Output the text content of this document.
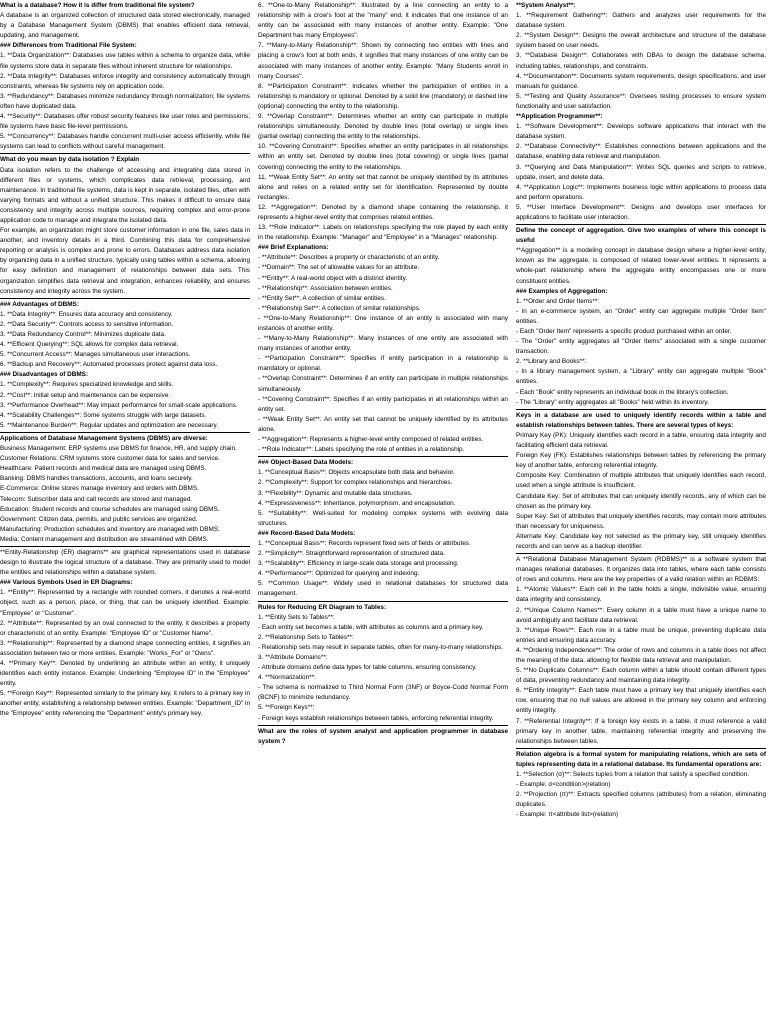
What is a database? How it is differ from traditional file system?

A database is an organized collection of structured data stored electronically, managed by a Database Management System (DBMS) that enables efficient data retrieval, updating, and management.

### Differences from Traditional File System:

1. **Data Organization**: Databases use tables within a schema to organize data, while file systems store data in separate files without inherent structure for relationships.

2. **Data Integrity**: Databases enforce integrity and consistency automatically through constraints, whereas file systems rely on application code.

3. **Redundancy**: Databases minimize redundancy through normalization; file systems often have duplicated data.

4. **Security**: Databases offer robust security features like user roles and permissions; file systems have basic file-level permissions.

5. **Concurrency**: Databases handle concurrent multi-user access efficiently, while file systems can lead to conflicts without careful management.

What do you mean by data isolation ? Explain

Data isolation refers to the challenge of accessing and integrating data stored in different files or systems, which complicates data retrieval, processing, and maintenance. In traditional file systems, data is kept in separate, isolated files, often with varying formats and without a unified structure. This makes it difficult to ensure data consistency and integrity across multiple sources, requiring complex and error-prone application code to manage and integrate the isolated data.

For example, an organization might store customer information in one file, sales data in another, and inventory details in a third. Combining this data for comprehensive reporting or analysis is complex and prone to errors. Databases address data isolation by organizing data in a unified structure, typically using tables within a schema, allowing for easy definition and management of relationships between data sets. This organization simplifies data retrieval and integration, enhances reliability, and ensures consistency and integrity across the system.

### Advantages of DBMS:

1. **Data Integrity**: Ensures data accuracy and consistency.

2. **Data Security**: Controls access to sensitive information.

3. **Data Redundancy Control**: Minimizes duplicate data.

4. **Efficient Querying**: SQL allows for complex data retrieval.

5. **Concurrent Access**: Manages simultaneous user interactions.

6. **Backup and Recovery**: Automated processes protect against data loss.

### Disadvantages of DBMS:

1. **Complexity**: Requires specialized knowledge and skills.

2. **Cost**: Initial setup and maintenance can be expensive.

3. **Performance Overhead**: May impact performance for small-scale applications.

4. **Scalability Challenges**: Some systems struggle with large datasets.

5. **Maintenance Burden**: Regular updates and optimization are necessary.

Applications of Database Management Systems (DBMS) are diverse:

Business Management: ERP systems use DBMS for finance, HR, and supply chain.

Customer Relations: CRM systems store customer data for sales and service.

Healthcare: Patient records and medical data are managed using DBMS.

Banking: DBMS handles transactions, accounts, and loans securely.

E-Commerce: Online stores manage inventory and orders with DBMS.

Telecom: Subscriber data and call records are stored and managed.

Education: Student records and course schedules are managed using DBMS.

Government: Citizen data, permits, and public services are organized.

Manufacturing: Production schedules and inventory are managed with DBMS.

Media: Content management and distribution are streamlined with DBMS.

**Entity-Relationship (ER) diagrams** are graphical representations used in database design to illustrate the logical structure of a database. They are primarily used to model the entities and relationships within a database system.

### Various Symbols Used in ER Diagrams:

1. **Entity**: Represented by a rectangle with rounded corners, it denotes a real-world object, such as a person, place, or thing, that can be uniquely identified. Example: "Employee" or "Customer".

2. **Attribute**: Represented by an oval connected to the entity, it describes a property or characteristic of an entity. Example: "Employee ID" or "Customer Name".

3. **Relationship**: Represented by a diamond shape connecting entities, it signifies an association between two or more entities. Example: "Works_For" or "Owns".

4. **Primary Key**: Denoted by underlining an attribute within an entity, it uniquely identifies each entity instance. Example: Underlining "Employee ID" in the "Employee" entity.

5. **Foreign Key**: Represented similarly to the primary key, it refers to a primary key in another entity, establishing a relationship between entities. Example: "Department_ID" in the "Employee" entity referencing the "Department" entity's primary key.

6. **One-to-Many Relationship**: Illustrated by a line connecting an entity to a relationship with a crow's foot at the "many" end, it indicates that one instance of an entity can be associated with many instances of another entity. Example: "One Department has many Employees".

7. **Many-to-Many Relationship**: Shown by connecting two entities with lines and placing a crow's foot at both ends, it signifies that many instances of one entity can be associated with many instances of another entity. Example: "Many Students enroll in many Courses".

8. **Participation Constraint**: Indicates whether the participation of entities in a relationship is mandatory or optional. Denoted by a solid line (mandatory) or dashed line (optional) connecting the entity to the relationship.

9. **Overlap Constraint**: Determines whether an entity can participate in multiple relationships simultaneously. Denoted by double lines (total overlap) or single lines (partial overlap) connecting the entity to the relationships.

10. **Covering Constraint**: Specifies whether an entity participates in all relationships within an entity set. Denoted by double lines (total covering) or single lines (partial covering) connecting the entity to the relationships.

11. **Weak Entity Set**: An entity set that cannot be uniquely identified by its attributes alone and relies on a related entity set for identification. Represented by double rectangles.

12. **Aggregation**: Denoted by a diamond shape containing the relationship, it represents a higher-level entity that comprises related entities.

13. **Role Indicator**: Labels on relationships specifying the role played by each entity in the relationship. Example: "Manager" and "Employee" in a "Manages" relationship.

### Brief Explanations:

- **Attribute**: Describes a property or characteristic of an entity.

- **Domain**: The set of allowable values for an attribute.

- **Entity**: A real-world object with a distinct identity.

- **Relationship**: Association between entities.

- **Entity Set**: A collection of similar entities.

- **Relationship Set**: A collection of similar relationships.

- **One-to-Many Relationship**: One instance of an entity is associated with many instances of another entity.

- **Many-to-Many Relationship**: Many instances of one entity are associated with many instances of another entity.

- **Participation Constraint**: Specifies if entity participation in a relationship is mandatory or optional.

- **Overlap Constraint**: Determines if an entity can participate in multiple relationships simultaneously.

- **Covering Constraint**: Specifies if an entity participates in all relationships within an entity set.

- **Weak Entity Set**: An entity set that cannot be uniquely identified by its attributes alone.

- **Aggregation**: Represents a higher-level entity composed of related entities.

- **Role Indicator**: Labels specifying the role of entities in a relationship.

### Object-Based Data Models:

1. **Conceptual Basis**: Objects encapsulate both data and behavior.

2. **Complexity**: Support for complex relationships and hierarchies.

3. **Flexibility**: Dynamic and mutable data structures.

4. **Expressiveness**: Inheritance, polymorphism, and encapsulation.

5. **Suitability**: Well-suited for modeling complex systems with evolving data structures.

### Record-Based Data Models:

1. **Conceptual Basis**: Records represent fixed sets of fields or attributes.

2. **Simplicity**: Straightforward representation of structured data.

3. **Scalability**: Efficiency in large-scale data storage and processing.

4. **Performance**: Optimized for querying and indexing.

5. **Common Usage**: Widely used in relational databases for structured data management.

Rules for Reducing ER Diagram to Tables:

1. **Entity Sets to Tables**:

- Each entity set becomes a table, with attributes as columns and a primary key.

2. **Relationship Sets to Tables**:

- Relationship sets may result in separate tables, often for many-to-many relationships.

3. **Attribute Domains**:

- Attribute domains define data types for table columns, ensuring consistency.

4. **Normalization**:

- The schema is normalized to Third Normal Form (3NF) or Boyce-Codd Normal Form (BCNF) to minimize redundancy.

5. **Foreign Keys**:

- Foreign keys establish relationships between tables, enforcing referential integrity.

What are the roles of system analyst and application programmer in database system ?

**System Analyst**:

1. **Requirement Gathering**: Gathers and analyzes user requirements for the database system.

2. **System Design**: Designs the overall architecture and structure of the database system based on user needs.

3. **Database Design**: Collaborates with DBAs to design the database schema, including tables, relationships, and constraints.

4. **Documentation**: Documents system requirements, design specifications, and user manuals for guidance.

5. **Testing and Quality Assurance**: Oversees testing processes to ensure system functionality and user satisfaction.

**Application Programmer**:

1. **Software Development**: Develops software applications that interact with the database system.

2. **Database Connectivity**: Establishes connections between applications and the database, enabling data retrieval and manipulation.

3. **Querying and Data Manipulation**: Writes SQL queries and scripts to retrieve, update, insert, and delete data.

4. **Application Logic**: Implements business logic within applications to process data and perform operations.

5. **User Interface Development**: Designs and develops user interfaces for applications to facilitate user interaction.

Define the concept of aggregation. Give two examples of where this concept is useful

**Aggregation** is a modeling concept in database design where a higher-level entity, known as the aggregate, is composed of related lower-level entities. It represents a whole-part relationship where the aggregate entity encompasses one or more constituent entities.

### Examples of Aggregation:

1. **Order and Order Items**:

- In an e-commerce system, an "Order" entity can aggregate multiple "Order Item" entities.

- Each "Order Item" represents a specific product purchased within an order.

- The "Order" entity aggregates all "Order Items" associated with a single customer transaction.

2. **Library and Books**:

- In a library management system, a "Library" entity can aggregate multiple "Book" entities.

- Each "Book" entity represents an individual book in the library's collection.

- The "Library" entity aggregates all "Books" held within its inventory.

Keys in a database are used to uniquely identify records within a table and establish relationships between tables. There are several types of keys:

Primary Key (PK): Uniquely identifies each record in a table, ensuring data integrity and facilitating efficient data retrieval.

Foreign Key (FK): Establishes relationships between tables by referencing the primary key of another table, enforcing referential integrity.

Composite Key: Combination of multiple attributes that uniquely identifies each record, used when a single attribute is insufficient.

Candidate Key: Set of attributes that can uniquely identify records, any of which can be chosen as the primary key.

Super Key: Set of attributes that uniquely identifies records, may contain more attributes than necessary for uniqueness.

Alternate Key: Candidate key not selected as the primary key, still uniquely identifies records and can serve as a backup identifier.

A **Relational Database Management System (RDBMS)** is a software system that manages relational databases. It organizes data into tables, where each table consists of rows and columns. Here are the key properties of a valid relation within an RDBMS:

1. **Atomic Values**: Each cell in the table holds a single, indivisible value, ensuring data integrity and consistency.

2. **Unique Column Names**: Every column in a table must have a unique name to avoid ambiguity and facilitate data retrieval.

3. **Unique Rows**: Each row in a table must be unique, preventing duplicate data entries and ensuring data accuracy.

4. **Ordering Independence**: The order of rows and columns in a table does not affect the meaning of the data, allowing for flexible data retrieval and manipulation.

5. **No Duplicate Columns**: Each column within a table should contain different types of data, preventing redundancy and maintaining data integrity.

6. **Entity Integrity**: Each table must have a primary key that uniquely identifies each row, ensuring that no null values are allowed in the primary key column and enforcing entity integrity.

7. **Referential Integrity**: If a foreign key exists in a table, it must reference a valid primary key in another table, maintaining referential integrity and preserving the relationships between tables.

Relation algebra is a formal system for manipulating relations, which are sets of tuples representing data in a relational database. Its fundamental operations are:

1. **Selection (σ)**: Selects tuples from a relation that satisfy a specified condition.

- Example: σ<condition>(relation)

2. **Projection (π)**: Extracts specified columns (attributes) from a relation, eliminating duplicates.

- Example: π<attribute list>(relation)
